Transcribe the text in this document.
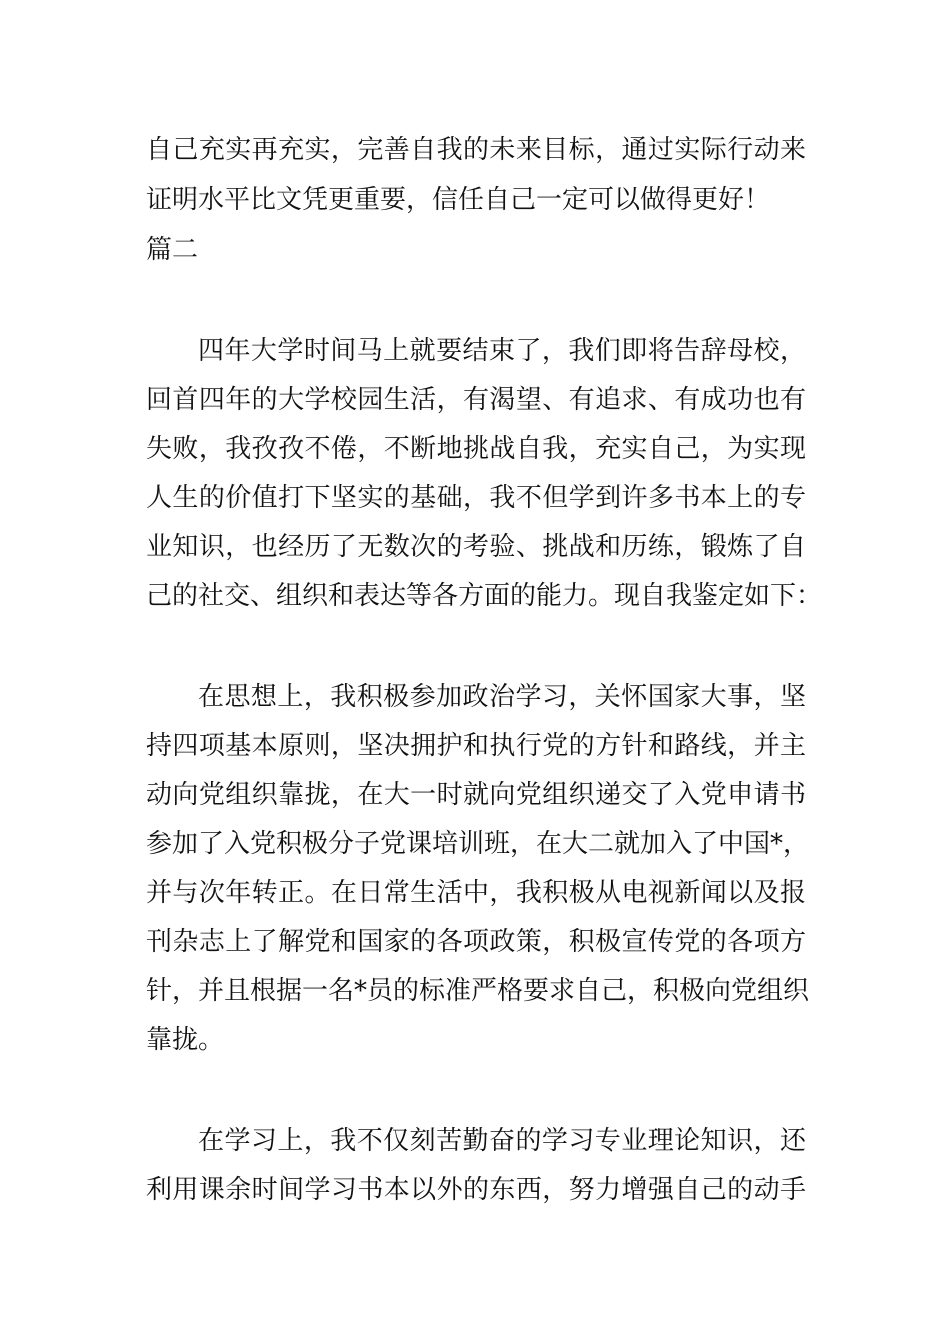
自己充实再充实，完善自我的未来目标，通过实际行动来
证明水平比文凭更重要，信任自己一定可以做得更好！
篇二
四年大学时间马上就要结束了，我们即将告辞母校，
回首四年的大学校园生活，有渴望、有追求、有成功也有
失败，我孜孜不倦，不断地挑战自我，充实自己，为实现
人生的价值打下坚实的基础，我不但学到许多书本上的专
业知识，也经历了无数次的考验、挑战和历练，锻炼了自
己的社交、组织和表达等各方面的能力。现自我鉴定如下：
在思想上，我积极参加政治学习，关怀国家大事，坚
持四项基本原则，坚决拥护和执行党的方针和路线，并主
动向党组织靠拢，在大一时就向党组织递交了入党申请书
参加了入党积极分子党课培训班，在大二就加入了中国*，
并与次年转正。在日常生活中，我积极从电视新闻以及报
刊杂志上了解党和国家的各项政策，积极宣传党的各项方
针，并且根据一名*员的标准严格要求自己，积极向党组织
靠拢。
在学习上，我不仅刻苦勤奋的学习专业理论知识，还
利用课余时间学习书本以外的东西，努力增强自己的动手
